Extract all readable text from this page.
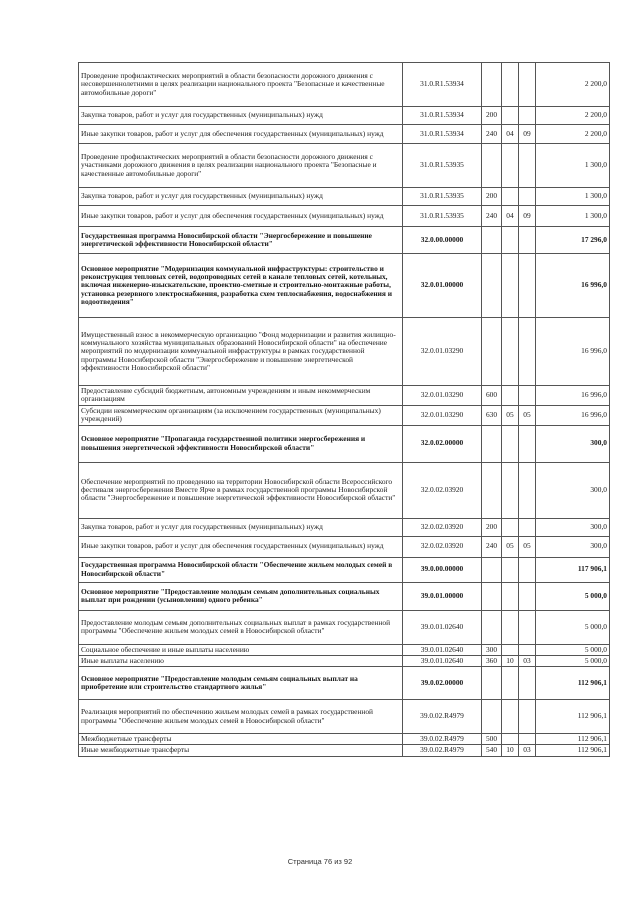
Проведение профилактических мероприятий в области безопасности дорожного движения с несовершеннолетними в целях реализации национального проекта "Безопасные и качественные автомобильные дороги"	31.0.R1.53934				2 200,0
Закупка товаров, работ и услуг для государственных (муниципальных) нужд	31.0.R1.53934	200			2 200,0
Иные закупки товаров, работ и услуг для обеспечения государственных (муниципальных) нужд	31.0.R1.53934	240	04	09	2 200,0
Проведение профилактических мероприятий в области безопасности дорожного движения с участниками дорожного движения в целях реализации национального проекта "Безопасные и качественные автомобильные дороги"	31.0.R1.53935				1 300,0
Закупка товаров, работ и услуг для государственных (муниципальных) нужд	31.0.R1.53935	200			1 300,0
Иные закупки товаров, работ и услуг для обеспечения государственных (муниципальных) нужд	31.0.R1.53935	240	04	09	1 300,0
Государственная программа Новосибирской области "Энергосбережение и повышение энергетической эффективности Новосибирской области"	32.0.00.00000				17 296,0
Основное мероприятие "Модернизация коммунальной инфраструктуры: строительство и реконструкция тепловых сетей, водопроводных сетей в канале тепловых сетей, котельных, включая инженерно-изыскательские, проектно-сметные и строительно-монтажные работы, установка резервного электроснабжения, разработка схем теплоснабжения, водоснабжения и водоотведения"	32.0.01.00000				16 996,0
Имущественный взнос в некоммерческую организацию "Фонд модернизации и развития жилищно-коммунального хозяйства муниципальных образований Новосибирской области" на обеспечение мероприятий по модернизации коммунальной инфраструктуры в рамках государственной программы Новосибирской области "Энергосбережение и повышение энергетической эффективности Новосибирской области"	32.0.01.03290				16 996,0
Предоставление субсидий бюджетным, автономным учреждениям и иным некоммерческим организациям	32.0.01.03290	600			16 996,0
Субсидии некоммерческим организациям (за исключением государственных (муниципальных) учреждений)	32.0.01.03290	630	05	05	16 996,0
Основное мероприятие "Пропаганда государственной политики энергосбережения и повышения энергетической эффективности Новосибирской области"	32.0.02.00000				300,0
Обеспечение мероприятий по проведению на территории Новосибирской области Всероссийского фестиваля энергосбережения Вместе Ярче в рамках государственной программы Новосибирской области "Энергосбережение и повышение энергетической эффективности Новосибирской области"	32.0.02.03920				300,0
Закупка товаров, работ и услуг для государственных (муниципальных) нужд	32.0.02.03920	200			300,0
Иные закупки товаров, работ и услуг для обеспечения государственных (муниципальных) нужд	32.0.02.03920	240	05	05	300,0
Государственная программа Новосибирской области "Обеспечение жильем молодых семей в Новосибирской области"	39.0.00.00000				117 906,1
Основное мероприятие "Предоставление молодым семьям дополнительных социальных выплат при рождении (усыновлении) одного ребенка"	39.0.01.00000				5 000,0
Предоставление молодым семьям дополнительных социальных выплат в рамках государственной программы "Обеспечение жильем молодых семей в Новосибирской области"	39.0.01.02640				5 000,0
Социальное обеспечение и иные выплаты населению	39.0.01.02640	300			5 000,0
Иные выплаты населению	39.0.01.02640	360	10	03	5 000,0
Основное мероприятие "Предоставление молодым семьям социальных выплат на приобретение или строительство стандартного жилья"	39.0.02.00000				112 906,1
Реализация мероприятий по обеспечению жильем молодых семей в рамках государственной программы "Обеспечение жильем молодых семей в Новосибирской области"	39.0.02.R4979				112 906,1
Межбюджетные трансферты	39.0.02.R4979	500			112 906,1
Иные межбюджетные трансферты	39.0.02.R4979	540	10	03	112 906,1
Страница 76 из 92
